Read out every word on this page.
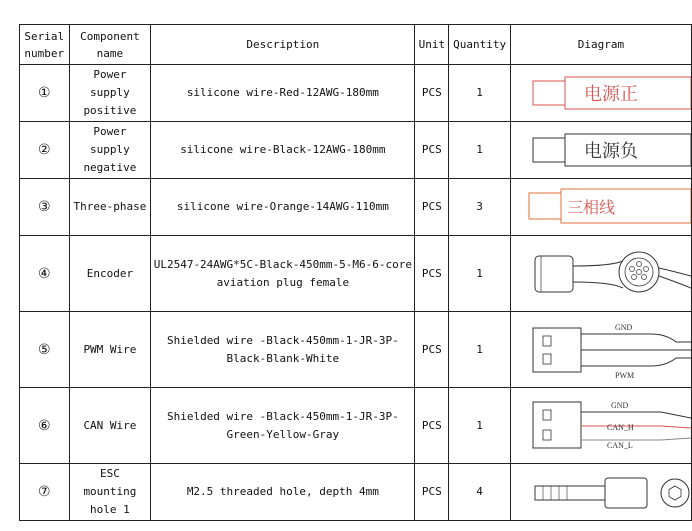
Serial number	Component name	Description	Unit	Quantity	Diagram
①	Power supply positive	silicone wire-Red-12AWG-180mm	PCS	1	电源正

②	Power supply negative	silicone wire-Black-12AWG-180mm	PCS	1	电源负

③	Three-phase	silicone wire-Orange-14AWG-110mm	PCS	3	三相线

④	Encoder	UL2547-24AWG*5C-Black-450mm-5-M6-6-core aviation plug female	PCS	1	

⑤	PWM Wire	Shielded wire -Black-450mm-1-JR-3P-Black-Blank-White	PCS	1	GND
PWM

⑥	CAN Wire	Shielded wire -Black-450mm-1-JR-3P-Green-Yellow-Gray	PCS	1	GND
CAN_H
CAN_L

⑦	ESC mounting hole 1	M2.5 threaded hole, depth 4mm	PCS	4	
